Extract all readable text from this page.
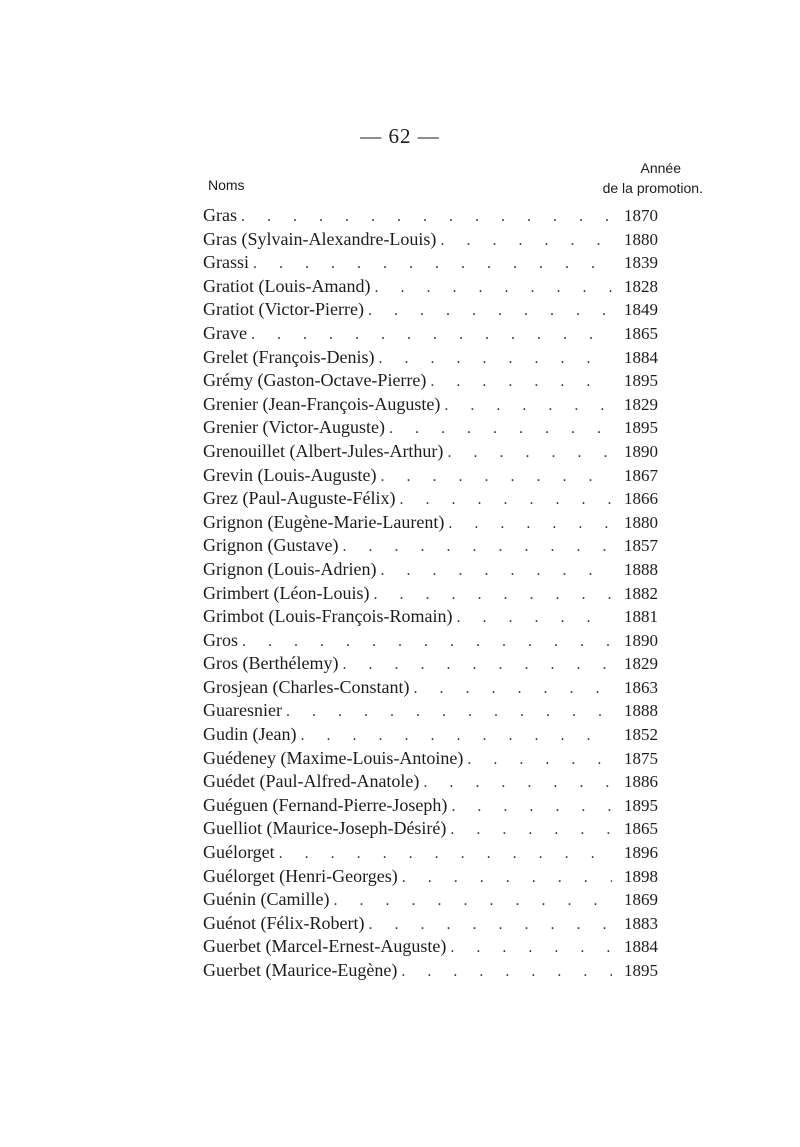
— 62 —
Noms
Année
de la promotion.
Gras . . .	1870
Gras (Sylvain-Alexandre-Louis) . . .	1880
Grassi . . .	1839
Gratiot (Louis-Amand) . . .	1828
Gratiot (Victor-Pierre) . . .	1849
Grave . . .	1865
Grelet (François-Denis) . . .	1884
Grémy (Gaston-Octave-Pierre) . . .	1895
Grenier (Jean-François-Auguste) . . .	1829
Grenier (Victor-Auguste) . . .	1895
Grenouillet (Albert-Jules-Arthur) . . .	1890
Grevin (Louis-Auguste) . . .	1867
Grez (Paul-Auguste-Félix) . . .	1866
Grignon (Eugène-Marie-Laurent) . . .	1880
Grignon (Gustave) . . .	1857
Grignon (Louis-Adrien) . . .	1888
Grimbert (Léon-Louis) . . .	1882
Grimbot (Louis-François-Romain) . . .	1881
Gros . . .	1890
Gros (Berthélemy) . . .	1829
Grosjean (Charles-Constant) . . .	1863
Guaresnier . . .	1888
Gudin (Jean) . . .	1852
Guédeney (Maxime-Louis-Antoine) . . .	1875
Guédet (Paul-Alfred-Anatole) . . .	1886
Guéguen (Fernand-Pierre-Joseph) . . .	1895
Guelliot (Maurice-Joseph-Désiré) . . .	1865
Guélorget . . .	1896
Guélorget (Henri-Georges) . . .	1898
Guénin (Camille) . . .	1869
Guénot (Félix-Robert) . . .	1883
Guerbet (Marcel-Ernest-Auguste) . . .	1884
Guerbet (Maurice-Eugène) . . .	1895
